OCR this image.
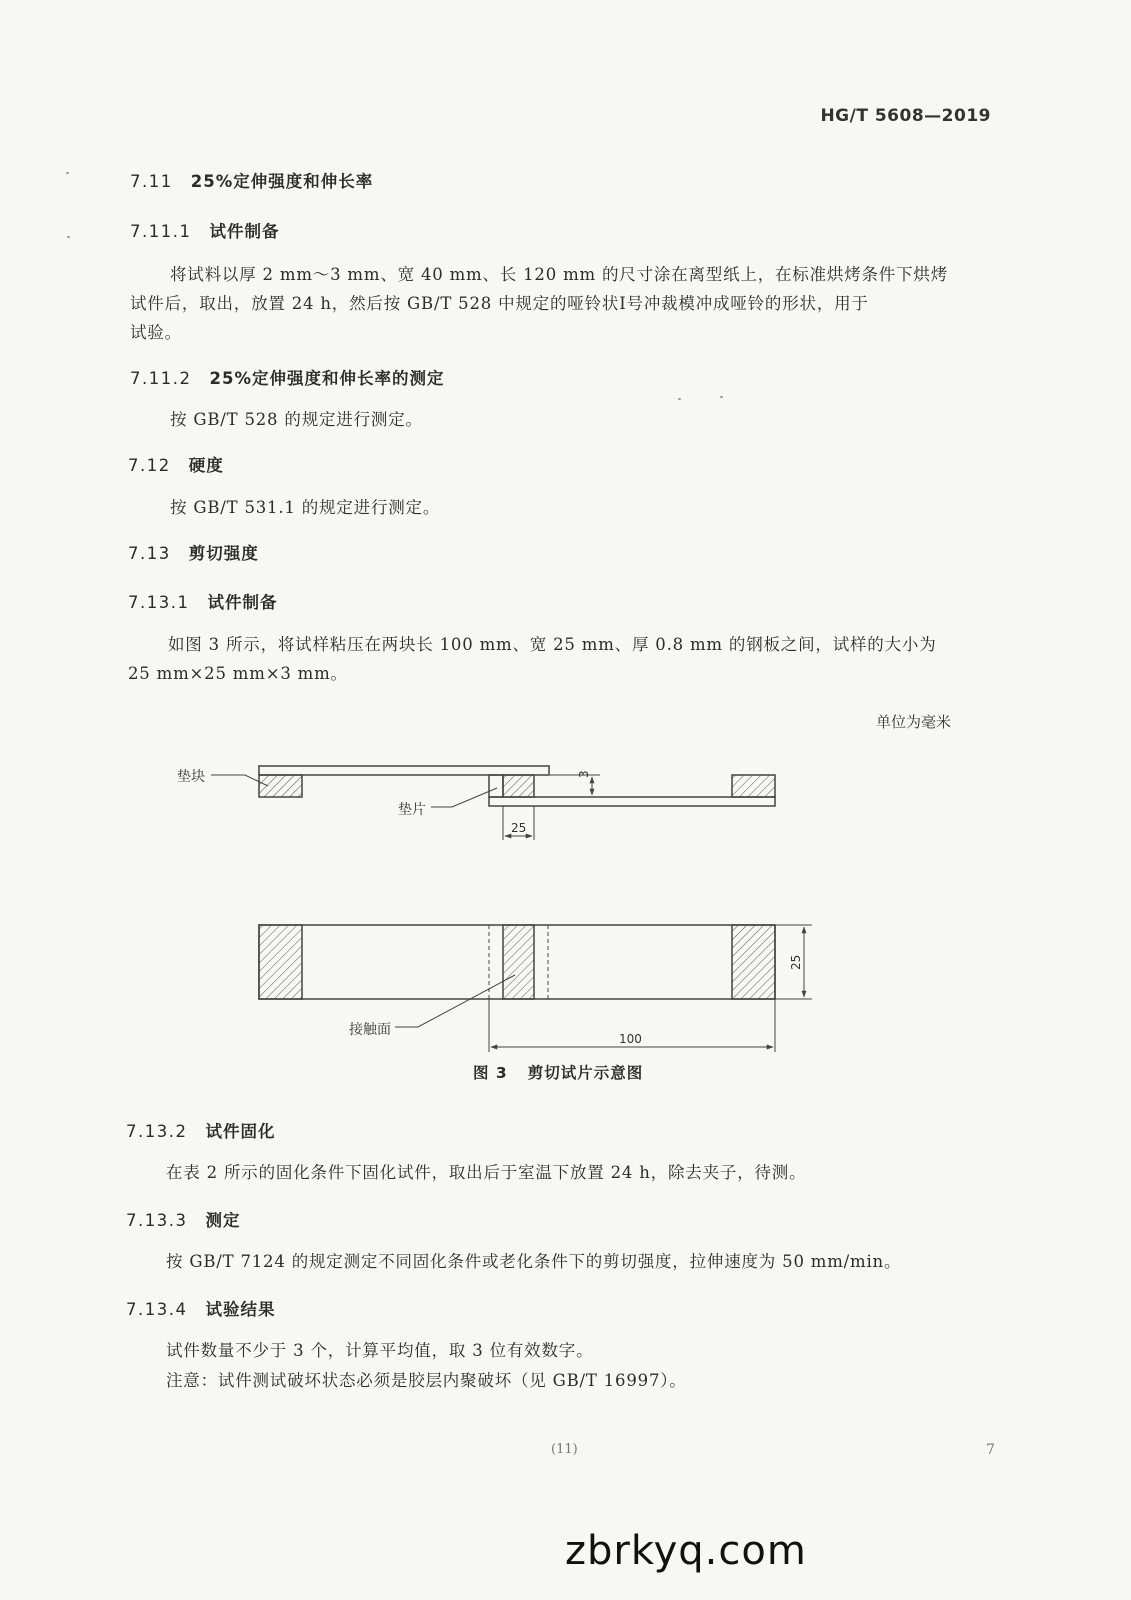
HG/T 5608—2019
7.11 25%定伸强度和伸长率
7.11.1 试件制备
将试料以厚 2 mm～3 mm、宽 40 mm、长 120 mm 的尺寸涂在离型纸上，在标准烘烤条件下烘烤
试件后，取出，放置 24 h，然后按 GB/T 528 中规定的哑铃状Ⅰ号冲裁模冲成哑铃的形状，用于
试验。
7.11.2 25%定伸强度和伸长率的测定
按 GB/T 528 的规定进行测定。
7.12 硬度
按 GB/T 531.1 的规定进行测定。
7.13 剪切强度
7.13.1 试件制备
如图 3 所示，将试样粘压在两块长 100 mm、宽 25 mm、厚 0.8 mm 的钢板之间，试样的大小为
25 mm×25 mm×3 mm。
单位为毫米
垫块
垫片
接触面
3
25
25
100
图 3 剪切试片示意图
7.13.2 试件固化
在表 2 所示的固化条件下固化试件，取出后于室温下放置 24 h，除去夹子，待测。
7.13.3 测定
按 GB/T 7124 的规定测定不同固化条件或老化条件下的剪切强度，拉伸速度为 50 mm/min。
7.13.4 试验结果
试件数量不少于 3 个，计算平均值，取 3 位有效数字。
注意：试件测试破坏状态必须是胶层内聚破坏（见 GB/T 16997）。
(11)	7
zbrkyq.com
